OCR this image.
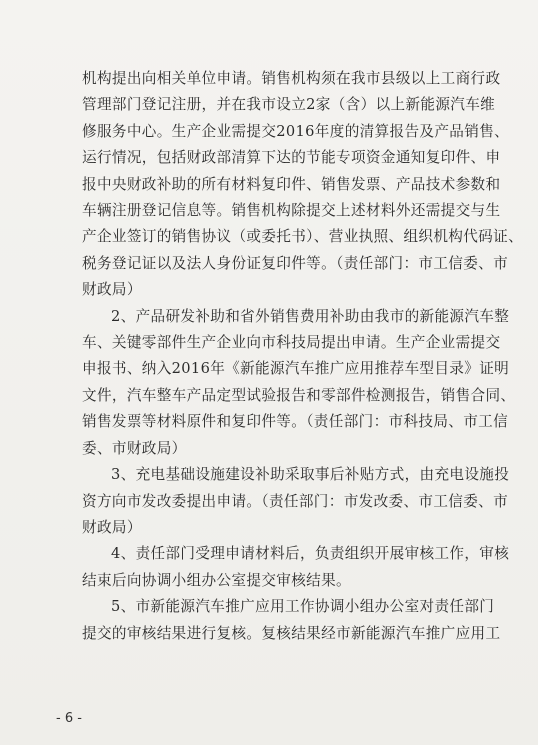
机构提出向相关单位申请。销售机构须在我市县级以上工商行政
管理部门登记注册，并在我市设立2家（含）以上新能源汽车维
修服务中心。生产企业需提交2016年度的清算报告及产品销售、
运行情况，包括财政部清算下达的节能专项资金通知复印件、申
报中央财政补助的所有材料复印件、销售发票、产品技术参数和
车辆注册登记信息等。销售机构除提交上述材料外还需提交与生
产企业签订的销售协议（或委托书）、营业执照、组织机构代码证、
税务登记证以及法人身份证复印件等。（责任部门：市工信委、市
财政局）

2、产品研发补助和省外销售费用补助由我市的新能源汽车整
车、关键零部件生产企业向市科技局提出申请。生产企业需提交
申报书、纳入2016年《新能源汽车推广应用推荐车型目录》证明
文件，汽车整车产品定型试验报告和零部件检测报告，销售合同、
销售发票等材料原件和复印件等。（责任部门：市科技局、市工信
委、市财政局）

3、充电基础设施建设补助采取事后补贴方式，由充电设施投
资方向市发改委提出申请。（责任部门：市发改委、市工信委、市
财政局）

4、责任部门受理申请材料后，负责组织开展审核工作，审核
结束后向协调小组办公室提交审核结果。

5、市新能源汽车推广应用工作协调小组办公室对责任部门
提交的审核结果进行复核。复核结果经市新能源汽车推广应用工

- 6 -
